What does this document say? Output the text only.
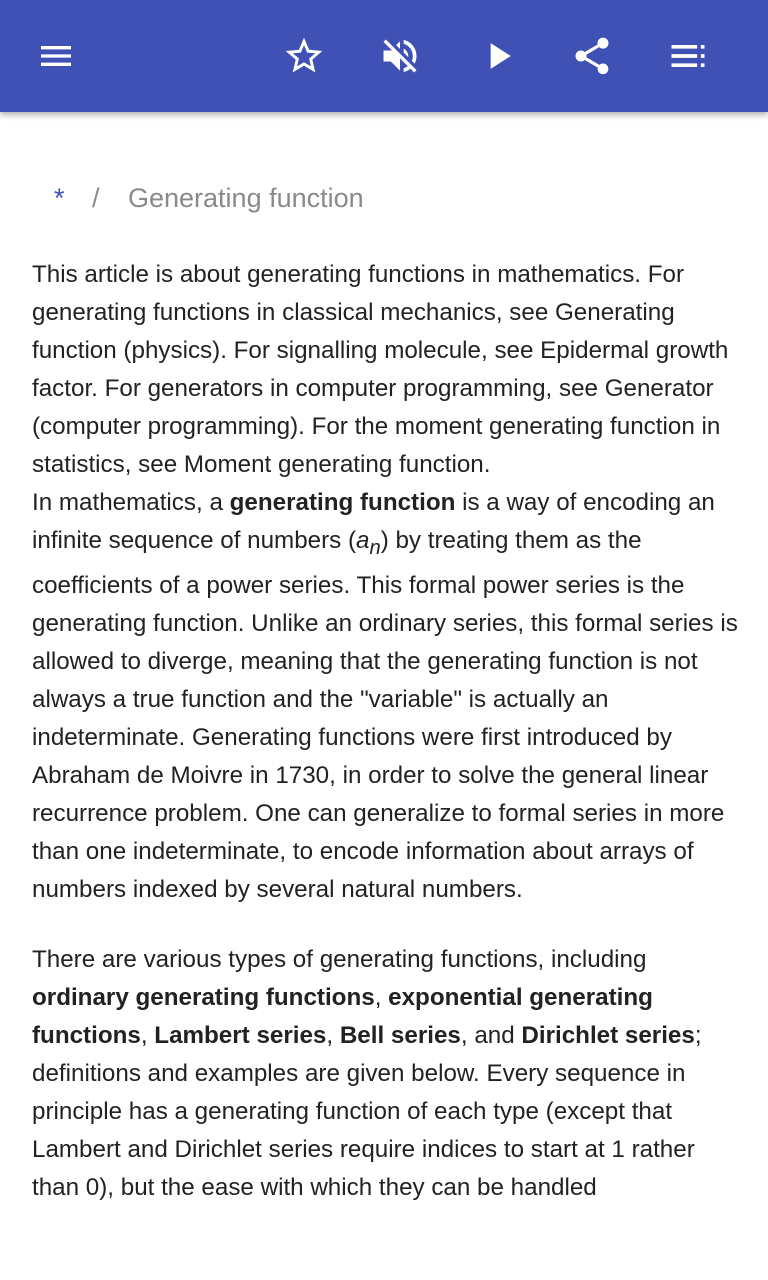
* / Generating function

This article is about generating functions in mathematics. For generating functions in classical mechanics, see Generating function (physics). For signalling molecule, see Epidermal growth factor. For generators in computer programming, see Generator (computer programming). For the moment generating function in statistics, see Moment generating function.

In mathematics, a generating function is a way of encoding an infinite sequence of numbers $(a_n)$ by treating them as the coefficients of a power series. This formal power series is the generating function. Unlike an ordinary series, this formal series is allowed to diverge, meaning that the generating function is not always a true function and the "variable" is actually an indeterminate. Generating functions were first introduced by Abraham de Moivre in 1730, in order to solve the general linear recurrence problem. One can generalize to formal series in more than one indeterminate, to encode information about arrays of numbers indexed by several natural numbers.

There are various types of generating functions, including ordinary generating functions, exponential generating functions, Lambert series, Bell series, and Dirichlet series; definitions and examples are given below. Every sequence in principle has a generating function of each type (except that Lambert and Dirichlet series require indices to start at 1 rather than 0), but the ease with which they can be handled
